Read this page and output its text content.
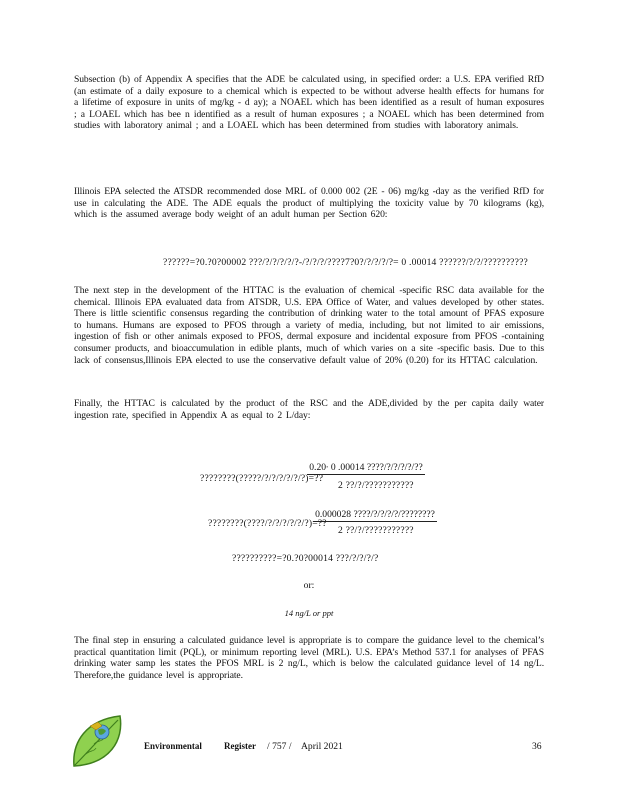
Subsection (b) of Appendix A specifies that the ADE be calculated using, in specified order: a U.S. EPA verified RfD (an estimate of a daily exposure to a chemical which is expected to be without adverse health effects for humans for a lifetime of exposure in units of mg/kg - d ay); a NOAEL which has been identified as a result of human exposures ; a LOAEL which has bee n identified as a result of human exposures ; a NOAEL which has been determined from studies with laboratory animal ; and a LOAEL which has been determined from studies with laboratory animals.
Illinois EPA selected the ATSDR recommended dose MRL of 0.000 002 (2E - 06) mg/kg -day as the verified RfD for use in calculating the ADE. The ADE equals the product of multiplying the toxicity value by 70 kilograms (kg), which is the assumed average body weight of an adult human per Section 620:
??????=?0.?0?00002 ???/?/?/?/?/?-/?/?/?/????7?0?/?/?/?/?= 0 .00014 ??????/?/?/??????????
The next step in the development of the HTTAC is the evaluation of chemical -specific RSC data available for the chemical. Illinois EPA evaluated data from ATSDR, U.S. EPA Office of Water, and values developed by other states. There is little scientific consensus regarding the contribution of drinking water to the total amount of PFAS exposure to humans. Humans are exposed to PFOS through a variety of media, including, but not limited to air emissions, ingestion of fish or other animals exposed to PFOS, dermal exposure and incidental exposure from PFOS -containing consumer products, and bioaccumulation in edible plants, much of which varies on a site -specific basis. Due to this lack of consensus,Illinois EPA elected to use the conservative default value of 20% (0.20) for its HTTAC calculation.
Finally, the HTTAC is calculated by the product of the RSC and the ADE,divided by the per capita daily water ingestion rate, specified in Appendix A as equal to 2 L/day:
????????(?????/?/?/?/?/?/?)=??
0.20∙ 0 .00014 ????/?/?/?/?/??
2 ??/?/???????????
????????(????/?/?/?/?/?/?)=??
0.000028 ????/?/?/?/?/????????
2 ??/?/???????????
??????????=?0.?0?00014 ???/?/?/?/?
or:
14 ng/L or ppt
The final step in ensuring a calculated guidance level is appropriate is to compare the guidance level to the chemical’s practical quantitation limit (PQL), or minimum reporting level (MRL). U.S. EPA’s Method 537.1 for analyses of PFAS drinking water samp les states the PFOS MRL is 2 ng/L, which is below the calculated guidance level of 14 ng/L. Therefore,the guidance level is appropriate.
Environmental Register / 757 / April 2021	36
